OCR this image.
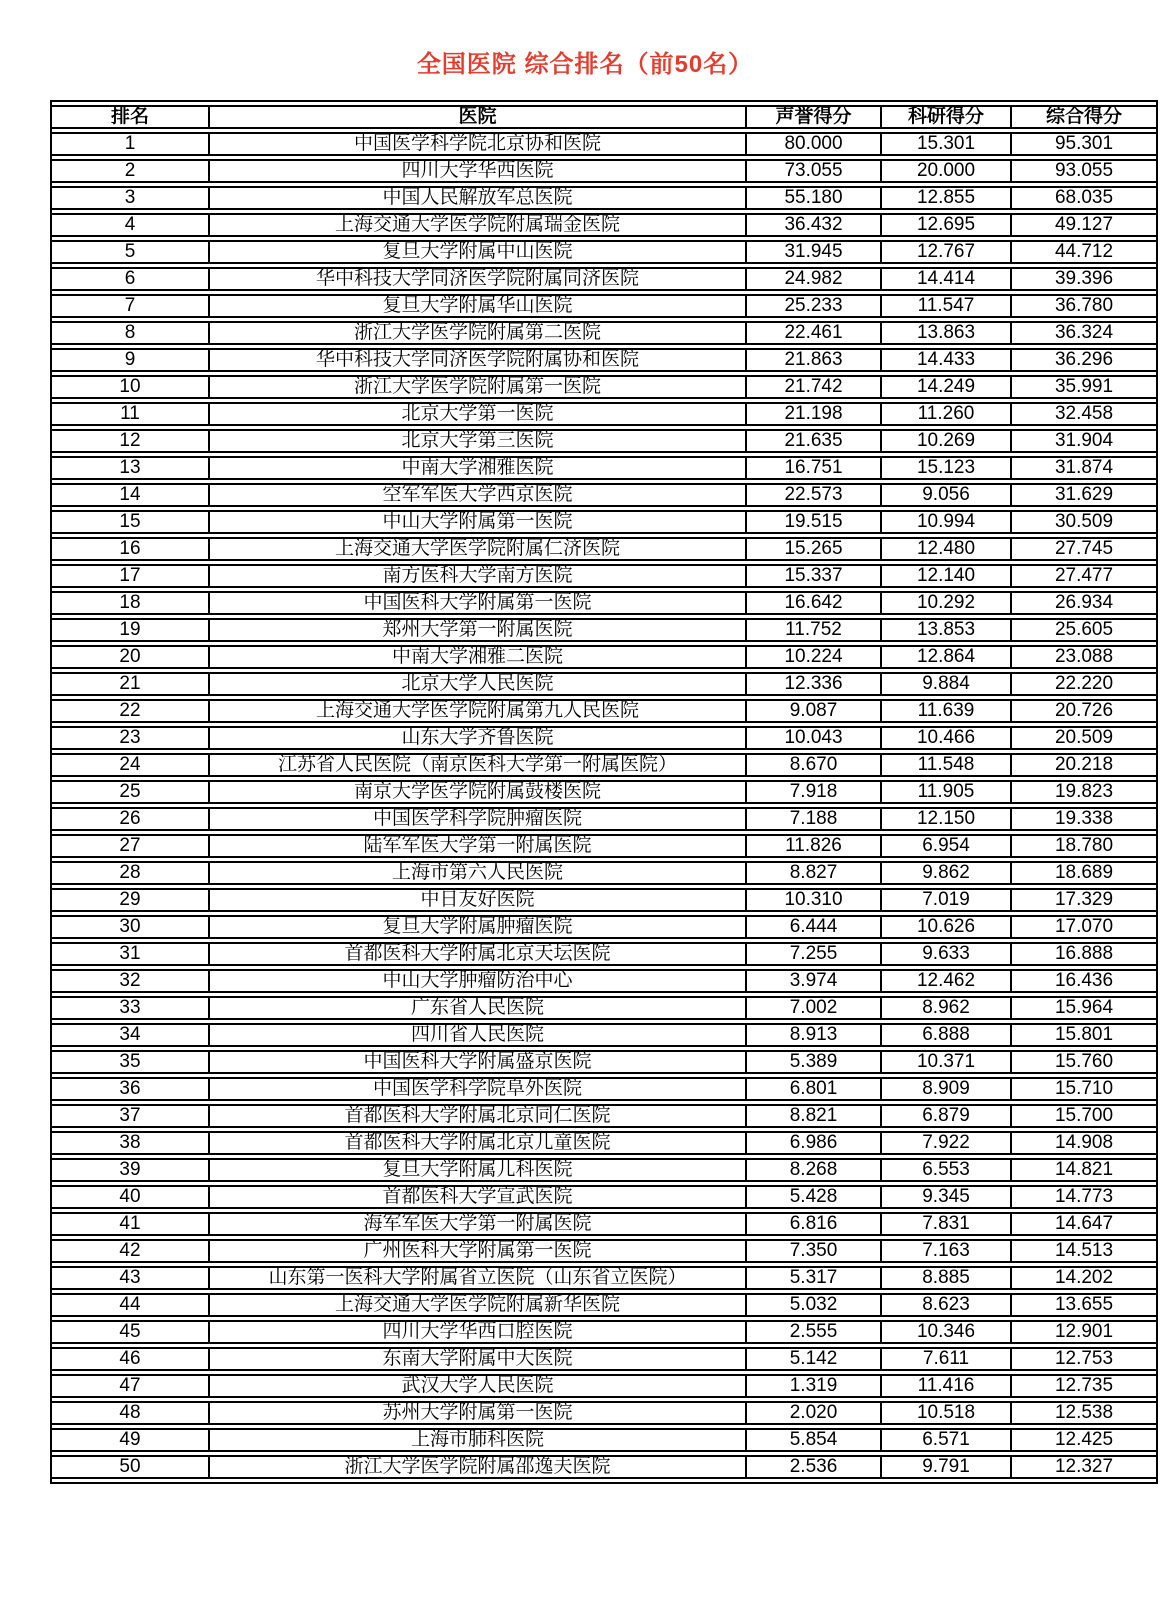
全国医院 综合排名（前50名）
排名	医院	声誉得分	科研得分	综合得分
1	中国医学科学院北京协和医院	80.000	15.301	95.301
2	四川大学华西医院	73.055	20.000	93.055
3	中国人民解放军总医院	55.180	12.855	68.035
4	上海交通大学医学院附属瑞金医院	36.432	12.695	49.127
5	复旦大学附属中山医院	31.945	12.767	44.712
6	华中科技大学同济医学院附属同济医院	24.982	14.414	39.396
7	复旦大学附属华山医院	25.233	11.547	36.780
8	浙江大学医学院附属第二医院	22.461	13.863	36.324
9	华中科技大学同济医学院附属协和医院	21.863	14.433	36.296
10	浙江大学医学院附属第一医院	21.742	14.249	35.991
11	北京大学第一医院	21.198	11.260	32.458
12	北京大学第三医院	21.635	10.269	31.904
13	中南大学湘雅医院	16.751	15.123	31.874
14	空军军医大学西京医院	22.573	9.056	31.629
15	中山大学附属第一医院	19.515	10.994	30.509
16	上海交通大学医学院附属仁济医院	15.265	12.480	27.745
17	南方医科大学南方医院	15.337	12.140	27.477
18	中国医科大学附属第一医院	16.642	10.292	26.934
19	郑州大学第一附属医院	11.752	13.853	25.605
20	中南大学湘雅二医院	10.224	12.864	23.088
21	北京大学人民医院	12.336	9.884	22.220
22	上海交通大学医学院附属第九人民医院	9.087	11.639	20.726
23	山东大学齐鲁医院	10.043	10.466	20.509
24	江苏省人民医院（南京医科大学第一附属医院）	8.670	11.548	20.218
25	南京大学医学院附属鼓楼医院	7.918	11.905	19.823
26	中国医学科学院肿瘤医院	7.188	12.150	19.338
27	陆军军医大学第一附属医院	11.826	6.954	18.780
28	上海市第六人民医院	8.827	9.862	18.689
29	中日友好医院	10.310	7.019	17.329
30	复旦大学附属肿瘤医院	6.444	10.626	17.070
31	首都医科大学附属北京天坛医院	7.255	9.633	16.888
32	中山大学肿瘤防治中心	3.974	12.462	16.436
33	广东省人民医院	7.002	8.962	15.964
34	四川省人民医院	8.913	6.888	15.801
35	中国医科大学附属盛京医院	5.389	10.371	15.760
36	中国医学科学院阜外医院	6.801	8.909	15.710
37	首都医科大学附属北京同仁医院	8.821	6.879	15.700
38	首都医科大学附属北京儿童医院	6.986	7.922	14.908
39	复旦大学附属儿科医院	8.268	6.553	14.821
40	首都医科大学宣武医院	5.428	9.345	14.773
41	海军军医大学第一附属医院	6.816	7.831	14.647
42	广州医科大学附属第一医院	7.350	7.163	14.513
43	山东第一医科大学附属省立医院（山东省立医院）	5.317	8.885	14.202
44	上海交通大学医学院附属新华医院	5.032	8.623	13.655
45	四川大学华西口腔医院	2.555	10.346	12.901
46	东南大学附属中大医院	5.142	7.611	12.753
47	武汉大学人民医院	1.319	11.416	12.735
48	苏州大学附属第一医院	2.020	10.518	12.538
49	上海市肺科医院	5.854	6.571	12.425
50	浙江大学医学院附属邵逸夫医院	2.536	9.791	12.327
